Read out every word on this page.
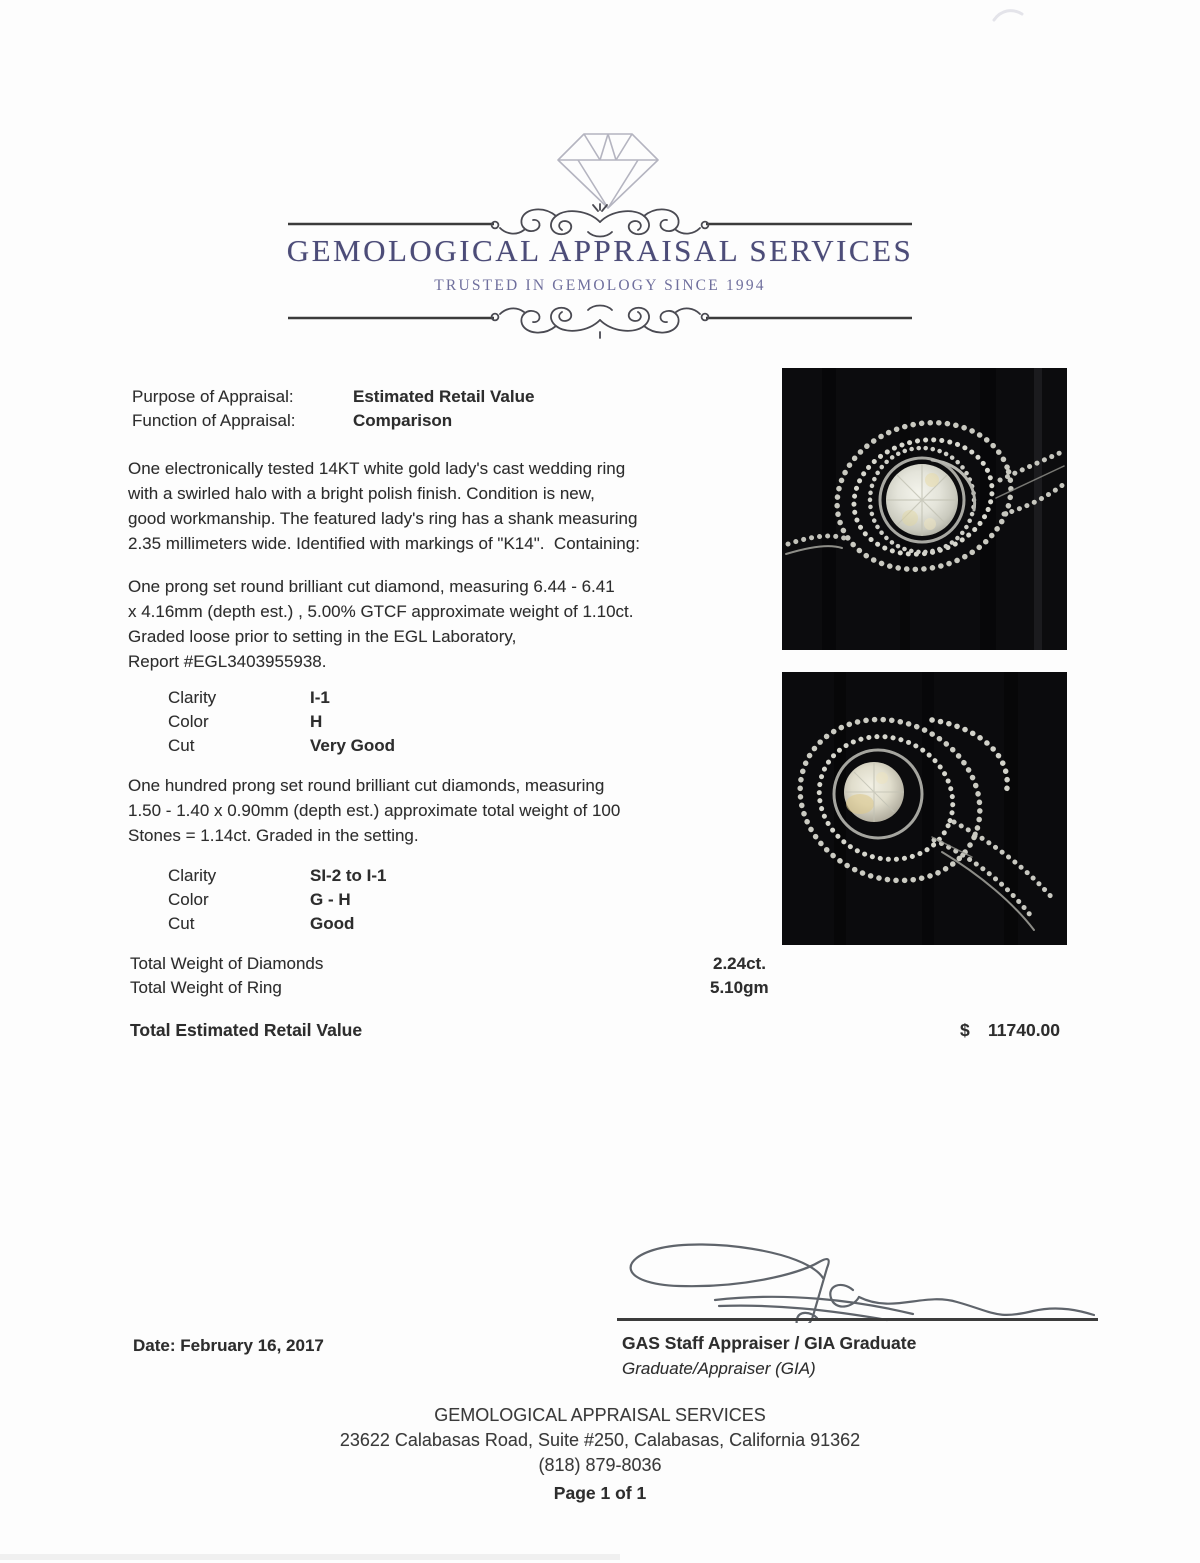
GEMOLOGICAL APPRAISAL SERVICES
TRUSTED IN GEMOLOGY SINCE 1994
Purpose of Appraisal:	Estimated Retail Value
Function of Appraisal:	Comparison
One electronically tested 14KT white gold lady's cast wedding ring
with a swirled halo with a bright polish finish. Condition is new,
good workmanship. The featured lady's ring has a shank measuring
2.35 millimeters wide. Identified with markings of "K14".  Containing:
One prong set round brilliant cut diamond, measuring 6.44 - 6.41
x 4.16mm (depth est.) , 5.00% GTCF approximate weight of 1.10ct.
Graded loose prior to setting in the EGL Laboratory,
Report #EGL3403955938.
Clarity	I-1
Color	H
Cut	Very Good
One hundred prong set round brilliant cut diamonds, measuring
1.50 - 1.40 x 0.90mm (depth est.) approximate total weight of 100
Stones = 1.14ct. Graded in the setting.
Clarity	SI-2 to I-1
Color	G - H
Cut	Good
Total Weight of Diamonds	2.24ct.
Total Weight of Ring	5.10gm
Total Estimated Retail Value	$ 11740.00
Date: February 16, 2017	GAS Staff Appraiser / GIA Graduate
Graduate/Appraiser (GIA)
GEMOLOGICAL APPRAISAL SERVICES
23622 Calabasas Road, Suite #250, Calabasas, California 91362
(818) 879-8036
Page 1 of 1
